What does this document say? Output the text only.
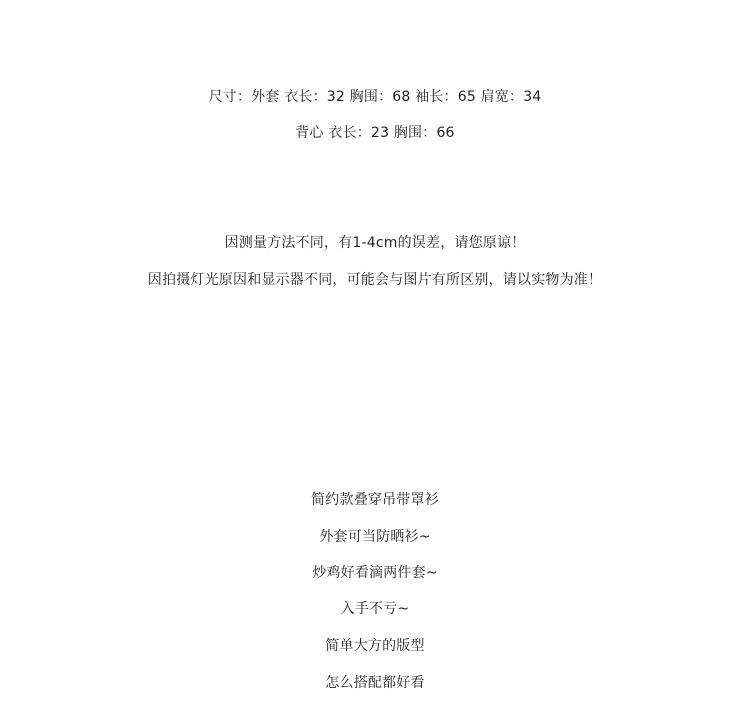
尺寸：外套 衣长：32 胸围：68 袖长：65 肩宽：34
背心 衣长：23 胸围：66
因测量方法不同，有1-4cm的误差，请您原谅！
因拍摄灯光原因和显示器不同，可能会与图片有所区别，请以实物为准！
简约款叠穿吊带罩衫
外套可当防晒衫~
炒鸡好看滴两件套~
入手不亏~
简单大方的版型
怎么搭配都好看
